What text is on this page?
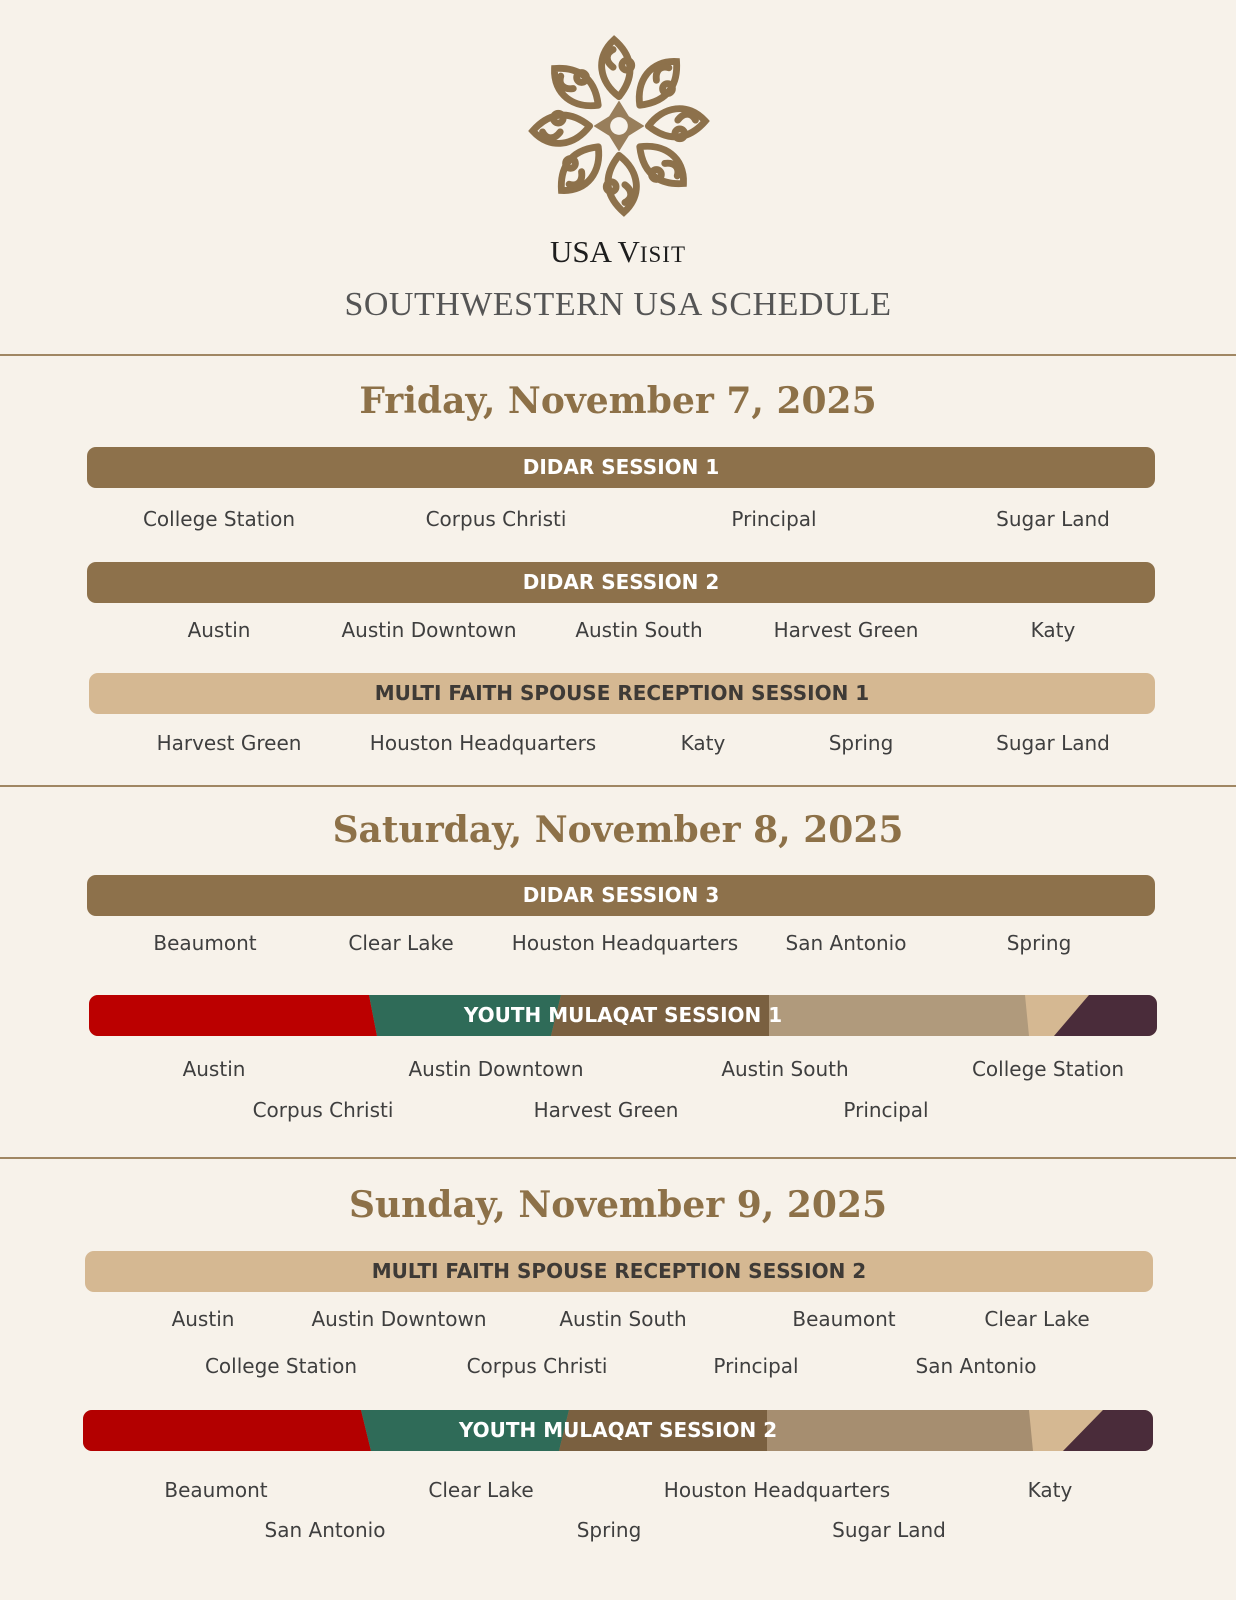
USA VISIT
SOUTHWESTERN USA SCHEDULE
Friday, November 7, 2025
DIDAR SESSION 1
College Station	Corpus Christi	Principal	Sugar Land
DIDAR SESSION 2
Austin	Austin Downtown	Austin South	Harvest Green	Katy
MULTI FAITH SPOUSE RECEPTION SESSION 1
Harvest Green	Houston Headquarters	Katy	Spring	Sugar Land
Saturday, November 8, 2025
DIDAR SESSION 3
Beaumont	Clear Lake	Houston Headquarters San Antonio	Spring
YOUTH MULAQAT SESSION 1
Austin	Austin Downtown	Austin South	College Station
Corpus Christi	Harvest Green	Principal
Sunday, November 9, 2025
MULTI FAITH SPOUSE RECEPTION SESSION 2
Austin	Austin Downtown	Austin South	Beaumont	Clear Lake
College Station	Corpus Christi	Principal	San Antonio
YOUTH MULAQAT SESSION 2
Beaumont	Clear Lake	Houston Headquarters	Katy
San Antonio	Spring	Sugar Land
